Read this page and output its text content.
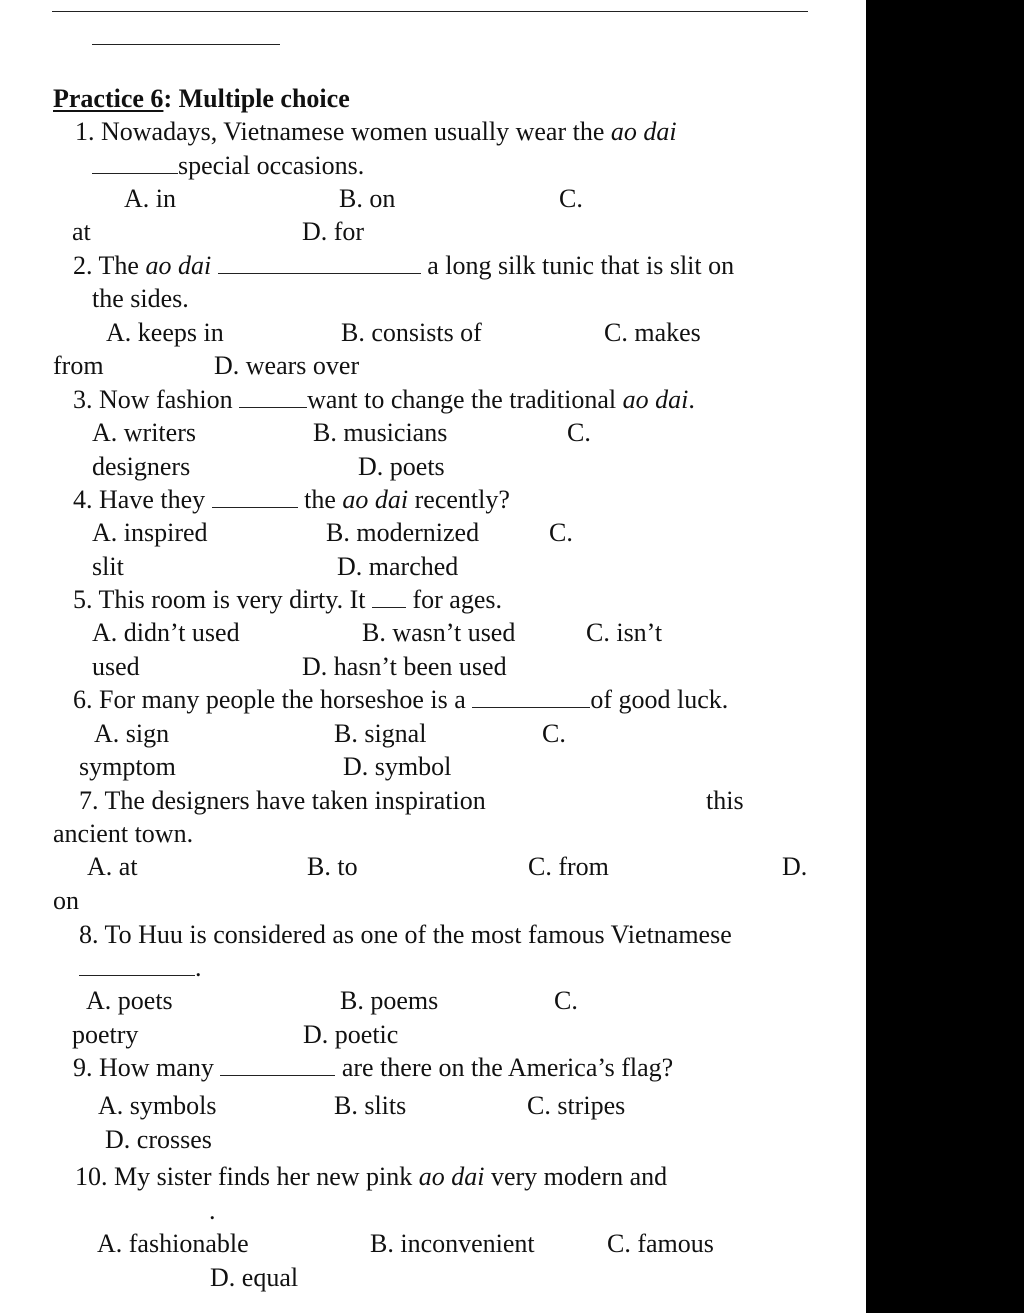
Practice 6: Multiple choice
1. Nowadays, Vietnamese women usually wear the ao dai
special occasions.
A. in	B. on	C.
at	D. for
2. The ao dai	a long silk tunic that is slit on
the sides.
A. keeps in	B. consists of	C. makes
from	D. wears over
3. Now fashion	want to change the traditional ao dai.
A. writers	B. musicians	C.
designers	D. poets
4. Have they	the ao dai recently?
A. inspired	B. modernized	C.
slit	D. marched
5. This room is very dirty. It  for ages.
A. didn’t used	B. wasn’t used	C. isn’t
used	D. hasn’t been used
6. For many people the horseshoe is a	of good luck.
A. sign	B. signal	C.
symptom	D. symbol
7. The designers have taken inspiration	this
ancient town.
A. at	B. to	C. from	D.
on
8. To Huu is considered as one of the most famous Vietnamese
.
A. poets	B. poems	C.
poetry	D. poetic
9. How many	are there on the America’s flag?
A. symbols	B. slits	C. stripes
D. crosses
10. My sister finds her new pink ao dai very modern and
.
A. fashionable	B. inconvenient	C. famous
D. equal
